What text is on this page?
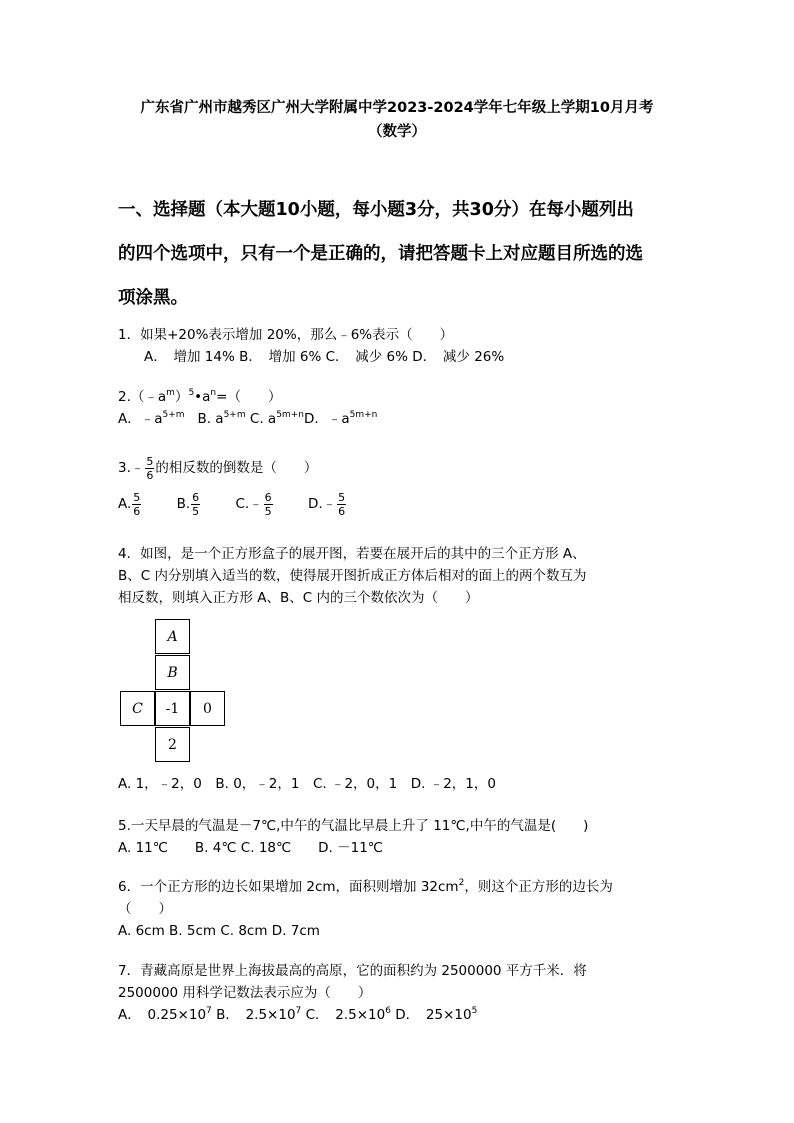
广东省广州市越秀区广州大学附属中学2023-2024学年七年级上学期10月月考
（数学）
一、选择题（本大题10小题，每小题3分，共30分）在每小题列出
的四个选项中，只有一个是正确的，请把答题卡上对应题目所选的选
项涂黑。
1．如果+20%表示增加 20%，那么﹣6%表示（　　）
A．　增加 14% B．　增加 6% C．　减少 6% D．　减少 26%
$2.(﹣a^m)^5•a^n=$（　　）
A．$﹣a^{5+m}$ B. $a^{5+m}$ C. $a^{5m+n}D$．$﹣a^{5m+n}$
3.﹣ $\frac{5}{6}$ 的相反数的倒数是（　　）
A. $\frac{5}{6}$	B. $\frac{6}{5}$	C.﹣ $\frac{6}{5}$	D.﹣ $\frac{5}{6}$
4．如图，是一个正方形盒子的展开图，若要在展开后的其中的三个正方形 A、
B、C 内分别填入适当的数，使得展开图折成正方体后相对的面上的两个数互为
相反数，则填入正方形 A、B、C 内的三个数依次为（　　）
A
B
C	-1	0
2
A. 1，﹣2，0　B. 0，﹣2，1　C. ﹣2，0，1　D. ﹣2，1，0
5.一天早晨的气温是－7℃,中午的气温比早晨上升了 11℃,中午的气温是(　　)
A. 11℃　　B. 4℃ C. 18℃　　D. －11℃
6．一个正方形的边长如果增加 2cm，面积则增加 $32cm^2$，则这个正方形的边长为
（　　）
A. 6cm B. 5cm C. 8cm D. 7cm
7．青藏高原是世界上海拔最高的高原，它的面积约为 2500000 平方千米．将
2500000 用科学记数法表示应为（　　）
A．　$0.25\times 10^7$ B．　$2.5\times 10^7$ C．　$2.5\times 10^6$ D．　$25\times 10^5$
